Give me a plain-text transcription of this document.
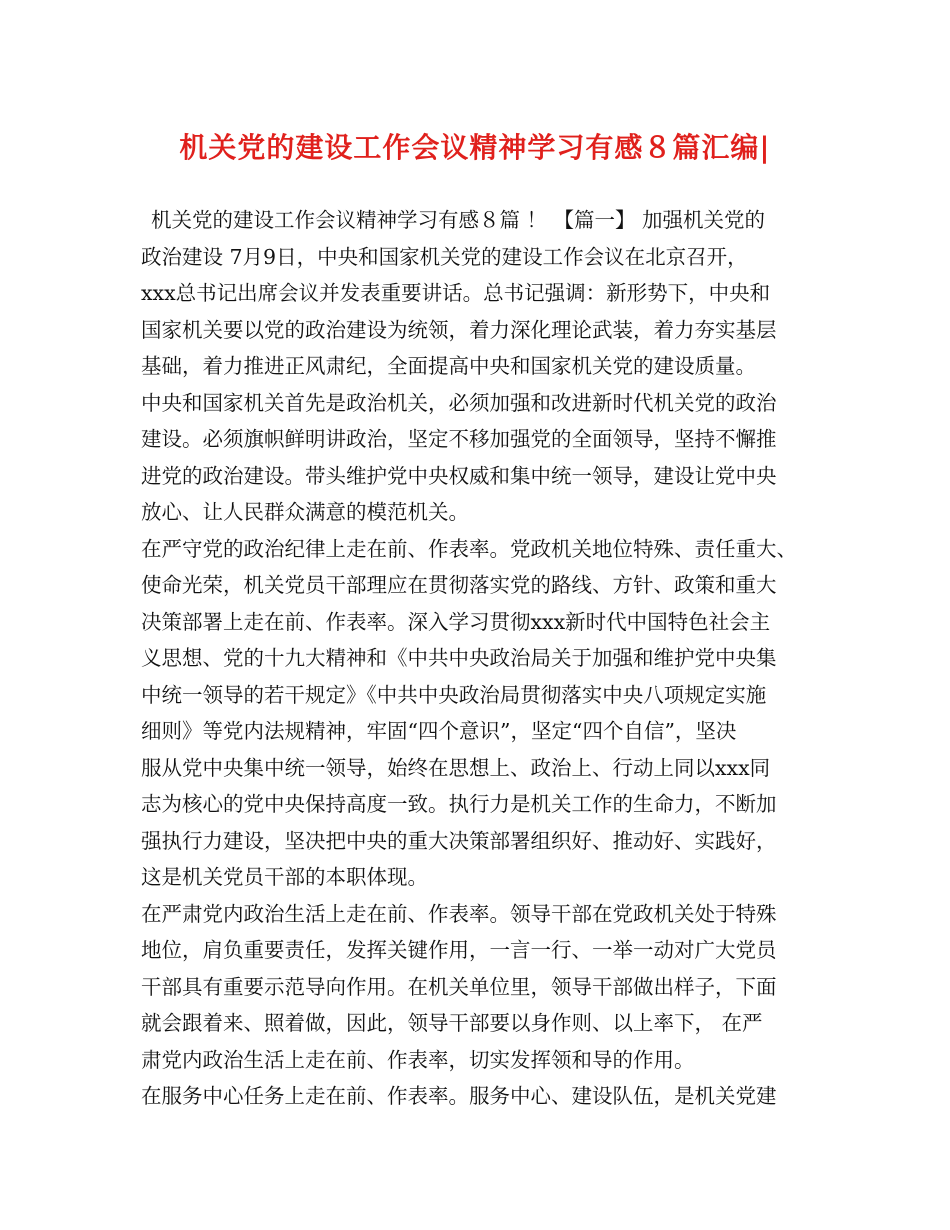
机关党的建设工作会议精神学习有感８篇汇编|
机关党的建设工作会议精神学习有感８篇 ！ 【篇一】 加强机关党的
政治建设 7月9日，中央和国家机关党的建设工作会议在北京召开，
xxx总书记出席会议并发表重要讲话。总书记强调：新形势下，中央和
国家机关要以党的政治建设为统领，着力深化理论武装，着力夯实基层
基础，着力推进正风肃纪，全面提高中央和国家机关党的建设质量。
中央和国家机关首先是政治机关，必须加强和改进新时代机关党的政治
建设。必须旗帜鲜明讲政治，坚定不移加强党的全面领导，坚持不懈推
进党的政治建设。带头维护党中央权威和集中统一领导，建设让党中央
放心、让人民群众满意的模范机关。
在严守党的政治纪律上走在前、作表率。党政机关地位特殊、责任重大、
使命光荣，机关党员干部理应在贯彻落实党的路线、方针、政策和重大
决策部署上走在前、作表率。深入学习贯彻xxx新时代中国特色社会主
义思想、党的十九大精神和《中共中央政治局关于加强和维护党中央集
中统一领导的若干规定》《中共中央政治局贯彻落实中央八项规定实施
细则》等党内法规精神，牢固“四个意识”，坚定“四个自信”，坚决
服从党中央集中统一领导，始终在思想上、政治上、行动上同以xxx同
志为核心的党中央保持高度一致。执行力是机关工作的生命力，不断加
强执行力建设，坚决把中央的重大决策部署组织好、推动好、实践好，
这是机关党员干部的本职体现。
在严肃党内政治生活上走在前、作表率。领导干部在党政机关处于特殊
地位，肩负重要责任，发挥关键作用，一言一行、一举一动对广大党员
干部具有重要示范导向作用。在机关单位里，领导干部做出样子，下面
就会跟着来、照着做，因此，领导干部要以身作则、以上率下， 在严
肃党内政治生活上走在前、作表率，切实发挥领和导的作用。
在服务中心任务上走在前、作表率。服务中心、建设队伍，是机关党建
